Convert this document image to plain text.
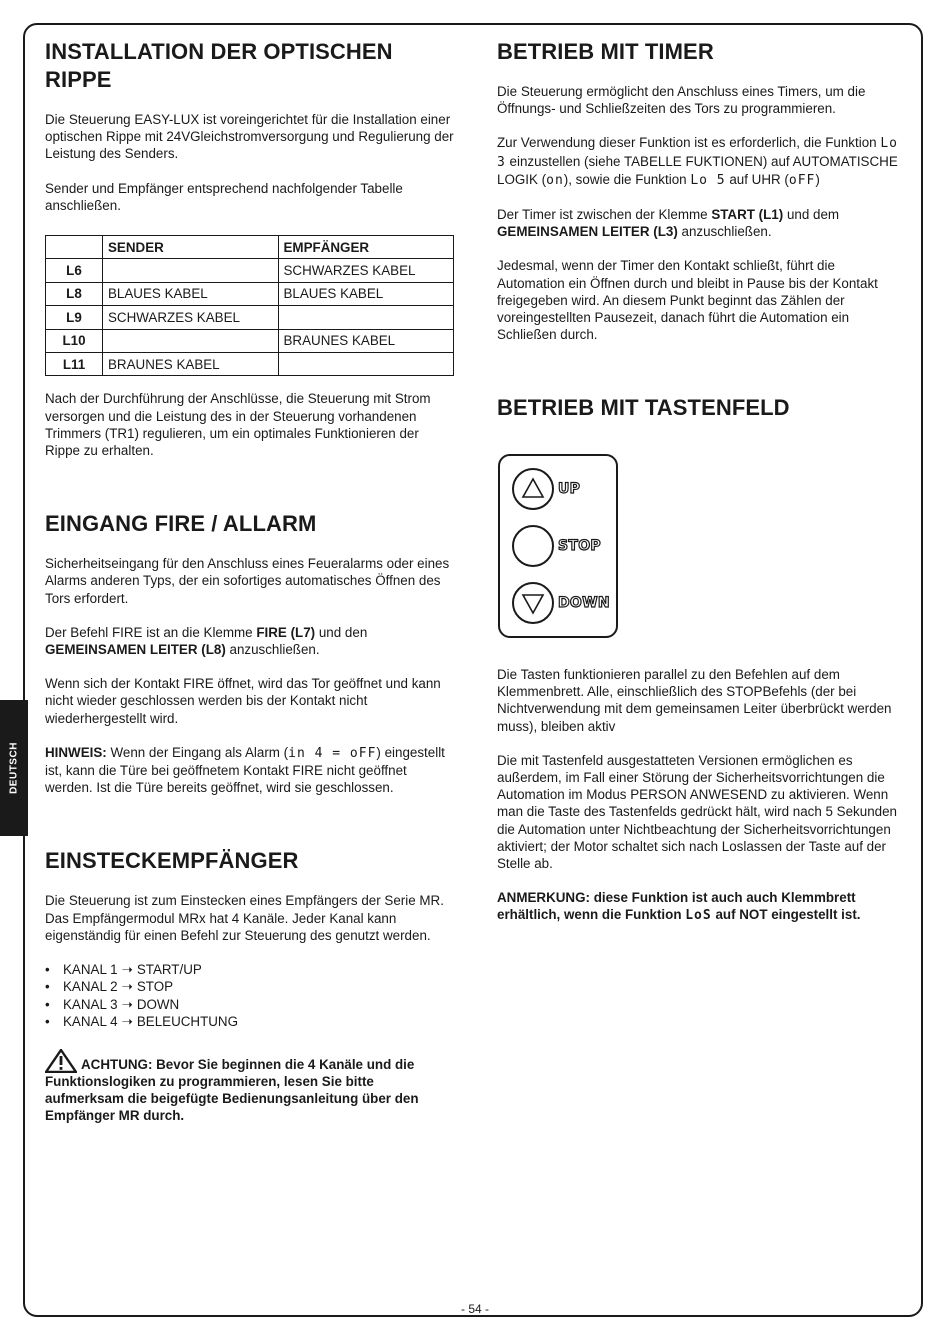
DEUTSCH
INSTALLATION DER OPTISCHEN RIPPE

Die Steuerung EASY-LUX ist voreingerichtet für die Installation einer optischen Rippe mit 24VGleichstromversorgung und Regulierung der Leistung des Senders.

Sender und Empfänger entsprechend nachfolgender Tabelle anschließen.

	SENDER	EMPFÄNGER
L6		SCHWARZES KABEL
L8	BLAUES KABEL	BLAUES KABEL
L9	SCHWARZES KABEL	
L10		BRAUNES KABEL
L11	BRAUNES KABEL	

Nach der Durchführung der Anschlüsse, die Steuerung mit Strom versorgen und die Leistung des in der Steuerung vorhandenen Trimmers (TR1) regulieren, um ein optimales Funktionieren der Rippe zu erhalten.

EINGANG FIRE / ALLARM

Sicherheitseingang für den Anschluss eines Feueralarms oder eines Alarms anderen Typs, der ein sofortiges automatisches Öffnen des Tors erfordert.

Der Befehl FIRE ist an die Klemme FIRE (L7) und den GEMEINSAMEN LEITER (L8) anzuschließen.

Wenn sich der Kontakt FIRE öffnet, wird das Tor geöffnet und kann nicht wieder geschlossen werden bis der Kontakt nicht wiederhergestellt wird.

HINWEIS: Wenn der Eingang als Alarm (in 4 = oFF) eingestellt ist, kann die Türe bei geöffnetem Kontakt FIRE nicht geöffnet werden. Ist die Türe bereits geöffnet, wird sie geschlossen.

EINSTECKEMPFÄNGER

Die Steuerung ist zum Einstecken eines Empfängers der Serie MR. Das Empfängermodul MRx hat 4 Kanäle. Jeder Kanal kann eigenständig für einen Befehl zur Steuerung des genutzt werden.

• KANAL 1 ➝ START/UP
• KANAL 2 ➝ STOP
• KANAL 3 ➝ DOWN
• KANAL 4 ➝ BELEUCHTUNG

ACHTUNG: Bevor Sie beginnen die 4 Kanäle und die Funktionslogiken zu programmieren, lesen Sie bitte aufmerksam die beigefügte Bedienungsanleitung über den Empfänger MR durch.

BETRIEB MIT TIMER

Die Steuerung ermöglicht den Anschluss eines Timers, um die Öffnungs- und Schließzeiten des Tors zu programmieren.

Zur Verwendung dieser Funktion ist es erforderlich, die Funktion Lo 3 einzustellen (siehe TABELLE FUKTIONEN) auf AUTOMATISCHE LOGIK (on), sowie die Funktion Lo 5 auf UHR (oFF)

Der Timer ist zwischen der Klemme START (L1) und dem GEMEINSAMEN LEITER (L3) anzuschließen.

Jedesmal, wenn der Timer den Kontakt schließt, führt die Automation ein Öffnen durch und bleibt in Pause bis der Kontakt freigegeben wird. An diesem Punkt beginnt das Zählen der voreingestellten Pausezeit, danach führt die Automation ein Schließen durch.

BETRIEB MIT TASTENFELD

Die Tasten funktionieren parallel zu den Befehlen auf dem Klemmenbrett. Alle, einschließlich des STOPBefehls (der bei Nichtverwendung mit dem gemeinsamen Leiter überbrückt werden muss), bleiben aktiv

Die mit Tastenfeld ausgestatteten Versionen ermöglichen es außerdem, im Fall einer Störung der Sicherheitsvorrichtungen die Automation im Modus PERSON ANWESEND zu aktivieren. Wenn man die Taste des Tastenfelds gedrückt hält, wird nach 5 Sekunden die Automation unter Nichtbeachtung der Sicherheitsvorrichtungen aktiviert; der Motor schaltet sich nach Loslassen der Taste auf der Stelle ab.

ANMERKUNG: diese Funktion ist auch auch Klemmbrett erhältlich, wenn die Funktion LoS auf NOT eingestellt ist.

UP
STOP
DOWN
- 54 -
